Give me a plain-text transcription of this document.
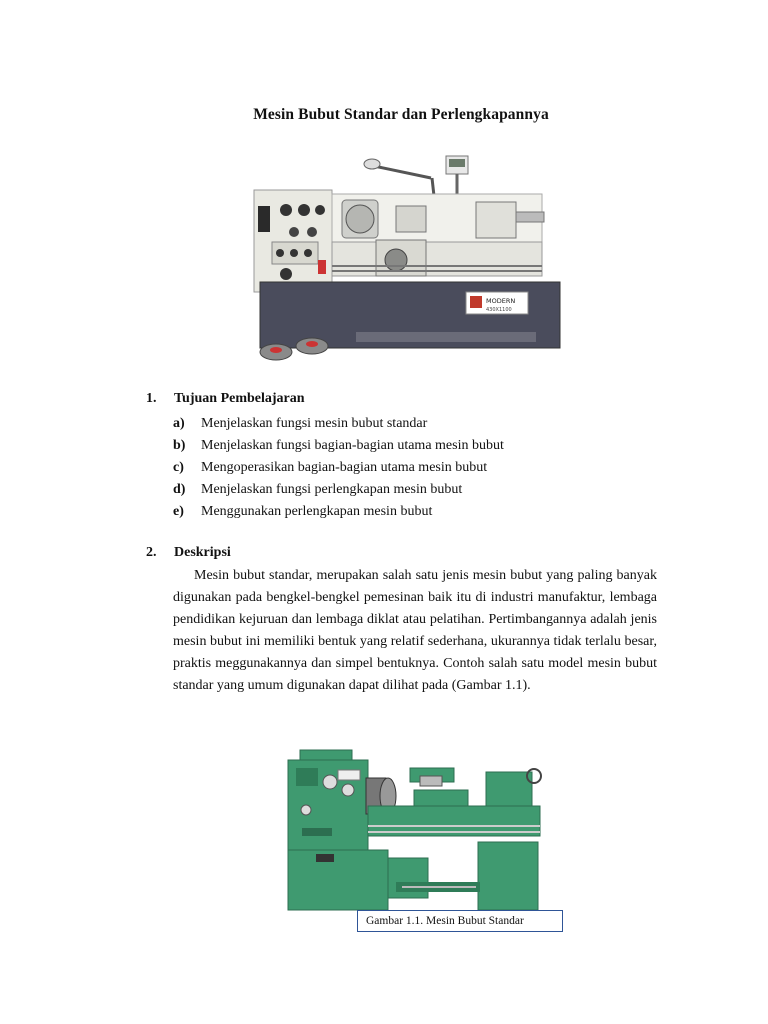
Mesin Bubut Standar dan Perlengkapannya
MODERN
430X1100
1. Tujuan Pembelajaran
a) Menjelaskan fungsi mesin bubut standar
b) Menjelaskan fungsi bagian-bagian utama mesin bubut
c) Mengoperasikan bagian-bagian utama mesin bubut
d) Menjelaskan fungsi perlengkapan mesin bubut
e) Menggunakan perlengkapan mesin bubut
2. Deskripsi
Mesin bubut standar, merupakan salah satu jenis mesin bubut yang paling banyak digunakan pada bengkel-bengkel pemesinan baik itu di industri manufaktur, lembaga pendidikan kejuruan dan lembaga diklat atau pelatihan. Pertimbangannya adalah jenis mesin bubut ini memiliki bentuk yang relatif sederhana, ukurannya tidak terlalu besar, praktis meggunakannya dan simpel bentuknya. Contoh salah satu model mesin bubut standar yang umum digunakan dapat dilihat pada (Gambar 1.1).
Gambar 1.1. Mesin Bubut Standar
